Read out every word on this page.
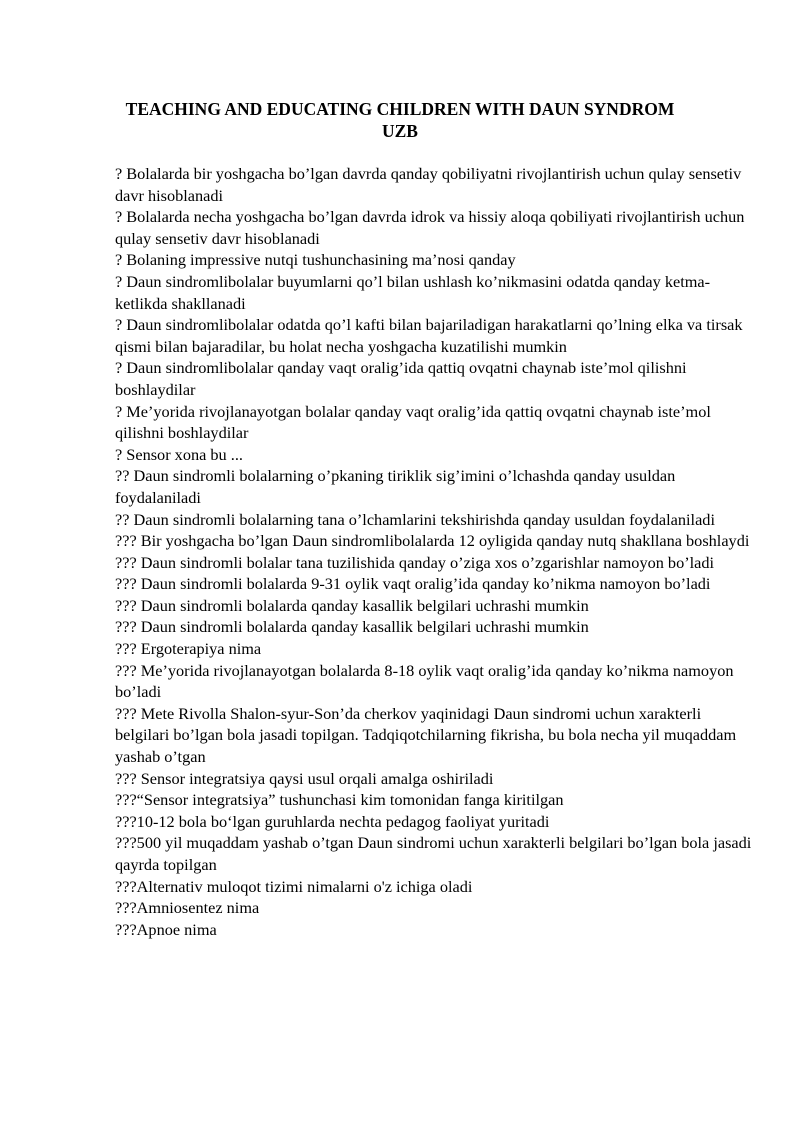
TEACHING AND EDUCATING CHILDREN WITH DAUN SYNDROM
UZB

? Bolalarda bir yoshgacha bo’lgan davrda qanday qobiliyatni rivojlantirish uchun qulay sensetiv davr hisoblanadi

? Bolalarda necha yoshgacha bo’lgan davrda idrok va hissiy aloqa qobiliyati rivojlantirish uchun qulay sensetiv davr hisoblanadi

? Bolaning impressive nutqi tushunchasining ma’nosi qanday

? Daun sindromlibolalar buyumlarni qo’l bilan ushlash ko’nikmasini odatda qanday ketma-ketlikda shakllanadi

? Daun sindromlibolalar odatda qo’l kafti bilan bajariladigan harakatlarni qo’lning elka va tirsak qismi bilan bajaradilar, bu holat necha yoshgacha kuzatilishi mumkin

? Daun sindromlibolalar qanday vaqt oralig’ida qattiq ovqatni chaynab iste’mol qilishni boshlaydilar

? Me’yorida rivojlanayotgan bolalar qanday vaqt oralig’ida qattiq ovqatni chaynab iste’mol qilishni boshlaydilar

? Sensor xona bu ...

?? Daun sindromli bolalarning o’pkaning tiriklik sig’imini o’lchashda qanday usuldan foydalaniladi

?? Daun sindromli bolalarning tana o’lchamlarini tekshirishda qanday usuldan foydalaniladi

??? Bir yoshgacha bo’lgan Daun sindromlibolalarda 12 oyligida qanday nutq shakllana boshlaydi

??? Daun sindromli bolalar tana tuzilishida qanday o’ziga xos o’zgarishlar namoyon bo’ladi

??? Daun sindromli bolalarda 9-31 oylik vaqt oralig’ida qanday ko’nikma namoyon bo’ladi

??? Daun sindromli bolalarda qanday kasallik belgilari uchrashi mumkin

??? Daun sindromli bolalarda qanday kasallik belgilari uchrashi mumkin

??? Ergoterapiya nima

??? Me’yorida rivojlanayotgan bolalarda 8-18 oylik vaqt oralig’ida qanday ko’nikma namoyon bo’ladi

??? Mete Rivolla Shalon-syur-Son’da cherkov yaqinidagi Daun sindromi uchun xarakterli belgilari bo’lgan bola jasadi topilgan. Tadqiqotchilarning fikrisha, bu bola necha yil muqaddam yashab o’tgan

??? Sensor integratsiya qaysi usul orqali amalga oshiriladi

???“Sensor integratsiya” tushunchasi kim tomonidan fanga kiritilgan

???10-12 bola bo‘lgan guruhlarda nechta pedagog faoliyat yuritadi

???500 yil muqaddam yashab o’tgan Daun sindromi uchun xarakterli belgilari bo’lgan bola jasadi qayrda topilgan

???Alternativ muloqot tizimi nimalarni o'z ichiga oladi

???Amniosentez nima

???Apnoe nima
